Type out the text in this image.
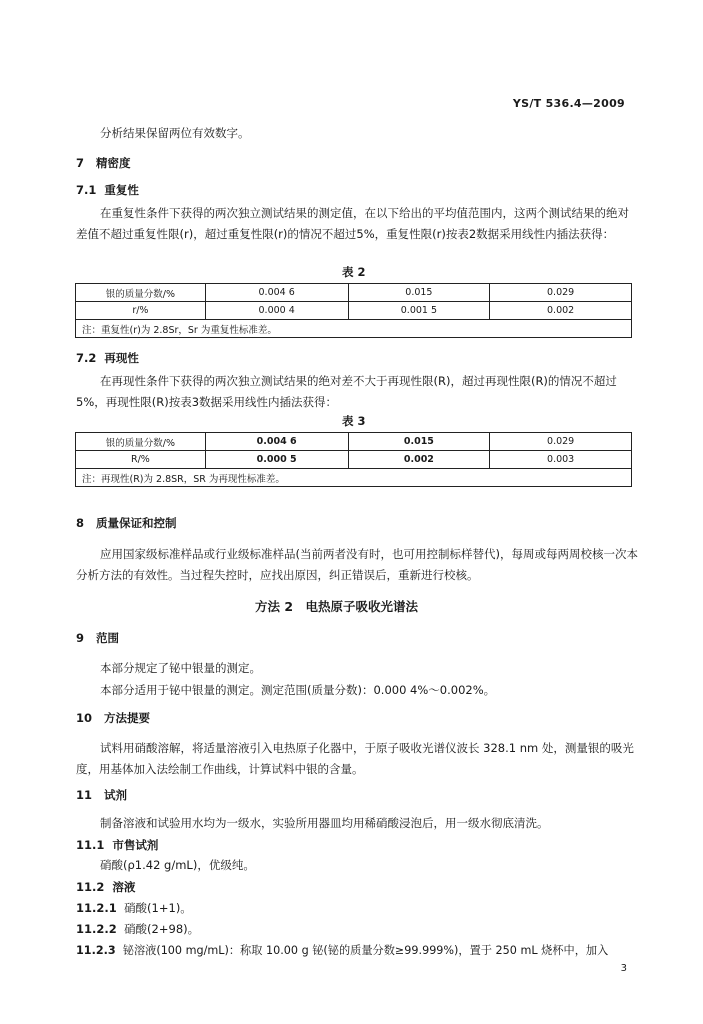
YS/T 536.4—2009
分析结果保留两位有效数字。
7 精密度
7.1 重复性
在重复性条件下获得的两次独立测试结果的测定值，在以下给出的平均值范围内，这两个测试结果的绝对差值不超过重复性限(r)，超过重复性限(r)的情况不超过5%，重复性限(r)按表2数据采用线性内插法获得：
表 2
银的质量分数/%	0.004 6	0.015	0.029
r/%	0.000 4	0.001 5	0.002
注：重复性(r)为 2.8Sr，Sr 为重复性标准差。			
7.2 再现性
在再现性条件下获得的两次独立测试结果的绝对差不大于再现性限(R)，超过再现性限(R)的情况不超过5%，再现性限(R)按表3数据采用线性内插法获得：
表 3
银的质量分数/%	0.004 6	0.015	0.029
R/%	0.000 5	0.002	0.003
注：再现性(R)为 2.8SR，SR 为再现性标准差。			
8 质量保证和控制
应用国家级标准样品或行业级标准样品(当前两者没有时，也可用控制标样替代)，每周或每两周校核一次本分析方法的有效性。当过程失控时，应找出原因，纠正错误后，重新进行校核。
方法 2　电热原子吸收光谱法
9 范围
本部分规定了铋中银量的测定。
本部分适用于铋中银量的测定。测定范围(质量分数)：0.000 4%～0.002%。
10 方法提要
试料用硝酸溶解，将适量溶液引入电热原子化器中，于原子吸收光谱仪波长 328.1 nm 处，测量银的吸光度，用基体加入法绘制工作曲线，计算试料中银的含量。
11 试剂
制备溶液和试验用水均为一级水，实验所用器皿均用稀硝酸浸泡后，用一级水彻底清洗。
11.1 市售试剂
硝酸(ρ1.42 g/mL)，优级纯。
11.2 溶液
11.2.1 硝酸(1+1)。
11.2.2 硝酸(2+98)。
11.2.3 铋溶液(100 mg/mL)：称取 10.00 g 铋(铋的质量分数≥99.999%)，置于 250 mL 烧杯中，加入
3
